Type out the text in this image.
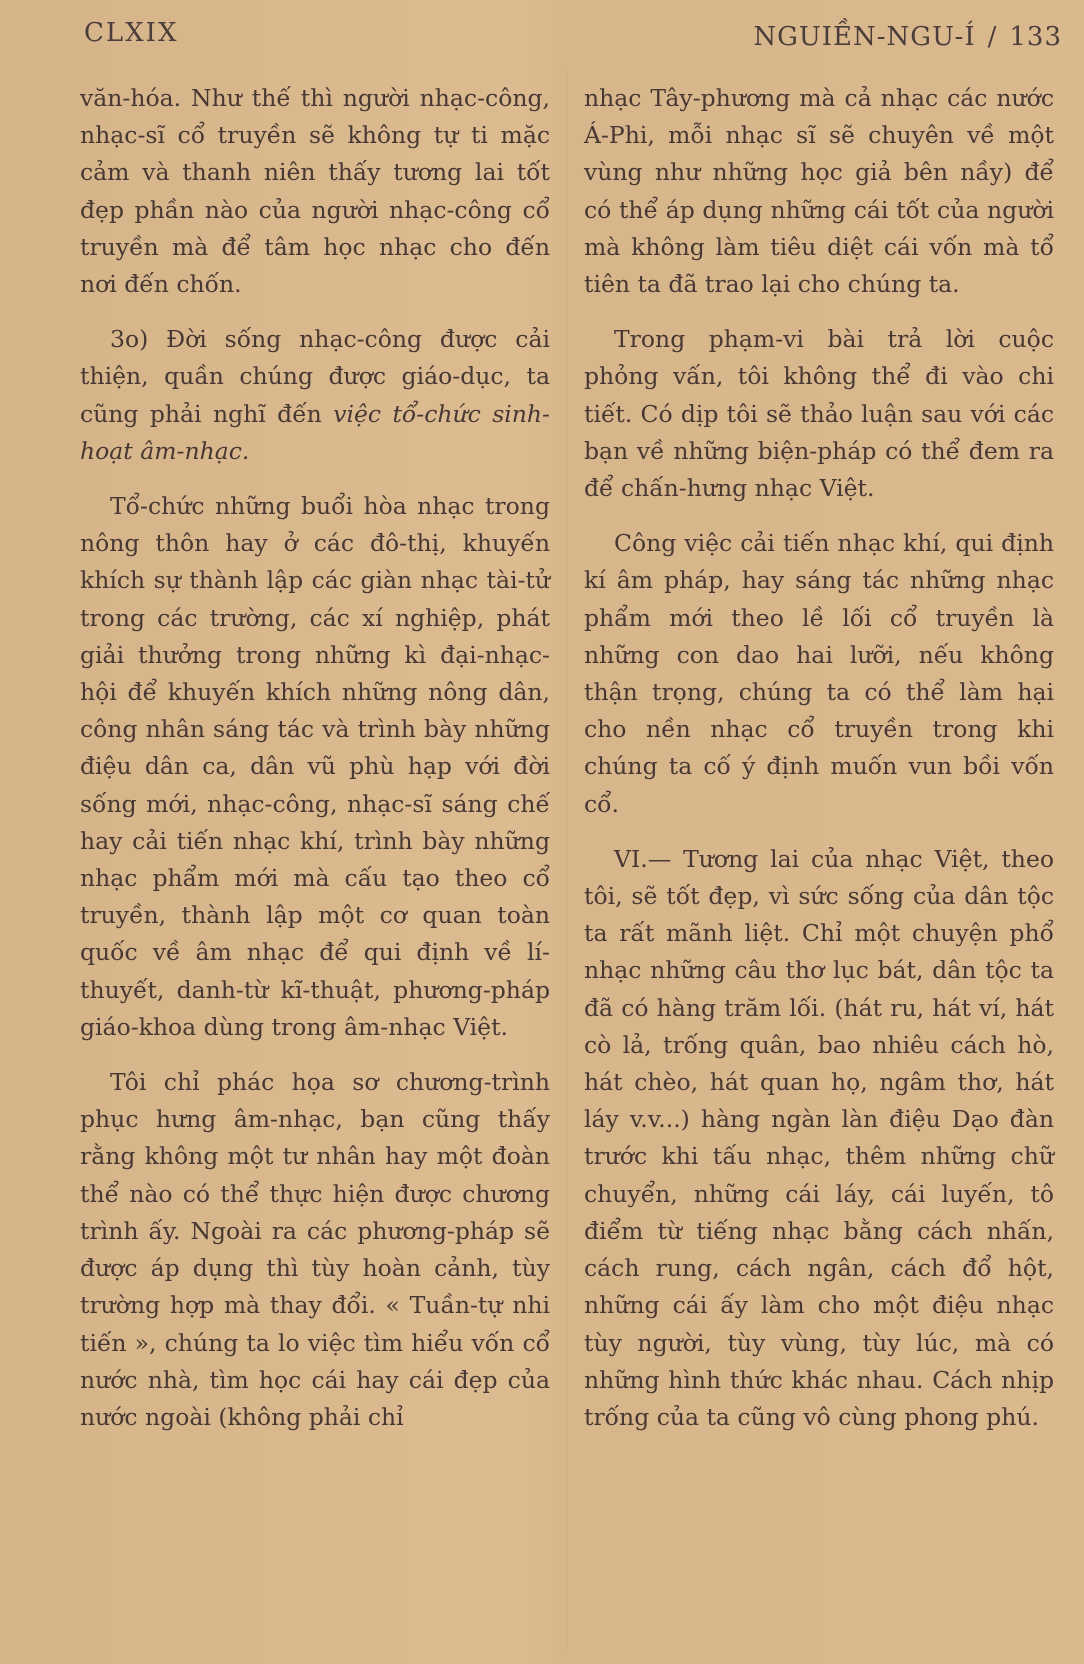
CLXIX	NGUIỀN-NGU-Í / 133

văn-hóa. Như thế thì người nhạc-công, nhạc-sĩ cổ truyền sẽ không tự ti mặc cảm và thanh niên thấy tương lai tốt đẹp phần nào của người nhạc-công cổ truyền mà để tâm học nhạc cho đến nơi đến chốn.

3o) Đời sống nhạc-công được cải thiện, quần chúng được giáo-dục, ta cũng phải nghĩ đến việc tổ-chức sinh-hoạt âm-nhạc.

Tổ-chức những buổi hòa nhạc trong nông thôn hay ở các đô-thị, khuyến khích sự thành lập các giàn nhạc tài-tử trong các trường, các xí nghiệp, phát giải thưởng trong những kì đại-nhạc-hội để khuyến khích những nông dân, công nhân sáng tác và trình bày những điệu dân ca, dân vũ phù hạp với đời sống mới, nhạc-công, nhạc-sĩ sáng chế hay cải tiến nhạc khí, trình bày những nhạc phẩm mới mà cấu tạo theo cổ truyền, thành lập một cơ quan toàn quốc về âm nhạc để qui định về lí-thuyết, danh-từ kĩ-thuật, phương-pháp giáo-khoa dùng trong âm-nhạc Việt.

Tôi chỉ phác họa sơ chương-trình phục hưng âm-nhạc, bạn cũng thấy rằng không một tư nhân hay một đoàn thể nào có thể thực hiện được chương trình ấy. Ngoài ra các phương-pháp sẽ được áp dụng thì tùy hoàn cảnh, tùy trường hợp mà thay đổi. « Tuần-tự nhi tiến », chúng ta lo việc tìm hiểu vốn cổ nước nhà, tìm học cái hay cái đẹp của nước ngoài (không phải chỉ

nhạc Tây-phương mà cả nhạc các nước Á-Phi, mỗi nhạc sĩ sẽ chuyên về một vùng như những học giả bên nầy) để có thể áp dụng những cái tốt của người mà không làm tiêu diệt cái vốn mà tổ tiên ta đã trao lại cho chúng ta.

Trong phạm-vi bài trả lời cuộc phỏng vấn, tôi không thể đi vào chi tiết. Có dịp tôi sẽ thảo luận sau với các bạn về những biện-pháp có thể đem ra để chấn-hưng nhạc Việt.

Công việc cải tiến nhạc khí, qui định kí âm pháp, hay sáng tác những nhạc phẩm mới theo lề lối cổ truyền là những con dao hai lưỡi, nếu không thận trọng, chúng ta có thể làm hại cho nền nhạc cổ truyền trong khi chúng ta cố ý định muốn vun bồi vốn cổ.

VI.— Tương lai của nhạc Việt, theo tôi, sẽ tốt đẹp, vì sức sống của dân tộc ta rất mãnh liệt. Chỉ một chuyện phổ nhạc những câu thơ lục bát, dân tộc ta đã có hàng trăm lối. (hát ru, hát ví, hát cò lả, trống quân, bao nhiêu cách hò, hát chèo, hát quan họ, ngâm thơ, hát láy v.v...) hàng ngàn làn điệu Dạo đàn trước khi tấu nhạc, thêm những chữ chuyển, những cái láy, cái luyến, tô điểm từ tiếng nhạc bằng cách nhấn, cách rung, cách ngân, cách đổ hột, những cái ấy làm cho một điệu nhạc tùy người, tùy vùng, tùy lúc, mà có những hình thức khác nhau. Cách nhịp trống của ta cũng vô cùng phong phú.
